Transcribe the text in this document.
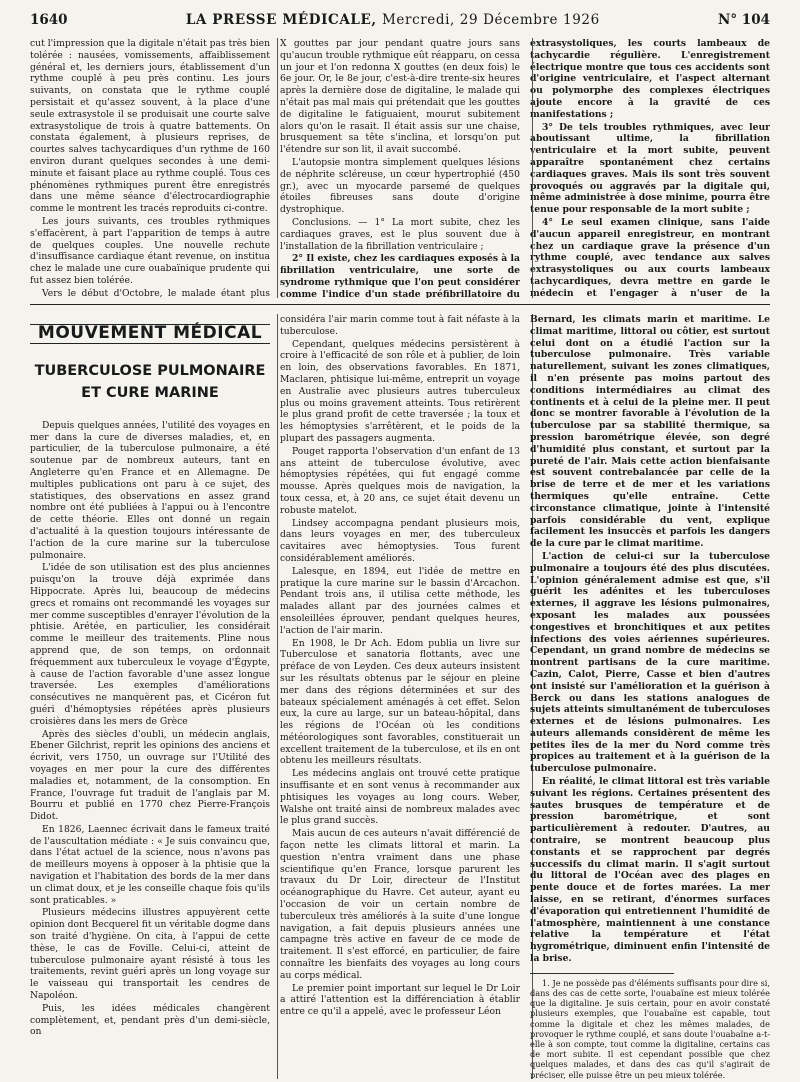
1640	LA PRESSE MÉDICALE, Mercredi, 29 Décembre 1926	N° 104

cut l'impression que la digitale n'était pas très bien tolérée : nausées, vomissements, affaiblissement général et, les derniers jours, établissement d'un rythme couplé à peu près continu. Les jours suivants, on constata que le rythme couplé persistait et qu'assez souvent, à la place d'une seule extrasystole il se produisait une courte salve extrasystolique de trois à quatre battements. On constata également, à plusieurs reprises, de courtes salves tachycardiques d'un rythme de 160 environ durant quelques secondes à une demi-minute et faisant place au rythme couplé. Tous ces phénomènes rythmiques purent être enregistrés dans une même séance d'électrocardiographie comme le montrent les tracés reproduits ci-contre.

Les jours suivants, ces troubles rythmiques s'effacèrent, à part l'apparition de temps à autre de quelques couples. Une nouvelle rechute d'insuffisance cardiaque étant revenue, on institua chez le malade une cure ouabaïnique prudente qui fut assez bien tolérée.

Vers le début d'Octobre, le malade étant plus

X gouttes par jour pendant quatre jours sans qu'aucun trouble rythmique eût réapparu, on cessa un jour et l'on redonna X gouttes (en deux fois) le 6e jour. Or, le 8e jour, c'est-à-dire trente-six heures après la dernière dose de digitaline, le malade qui n'était pas mal mais qui prétendait que les gouttes de digitaline le fatiguaient, mourut subitement alors qu'on le rasait. Il était assis sur une chaise, brusquement sa tête s'inclina, et lorsqu'on put l'étendre sur son lit, il avait succombé.

L'autopsie montra simplement quelques lésions de néphrite scléreuse, un cœur hypertrophié (450 gr.), avec un myocarde parsemé de quelques étoiles fibreuses sans doute d'origine dystrophique.

Conclusions. — 1° La mort subite, chez les cardiaques graves, est le plus souvent due à l'installation de la fibrillation ventriculaire ;

2° Il existe, chez les cardiaques exposés à la fibrillation ventriculaire, une sorte de syndrome rythmique que l'on peut considérer comme l'indice d'un stade préfibrillatoire du

extrasystoliques, les courts lambeaux de tachycardie régulière. L'enregistrement électrique montre que tous ces accidents sont d'origine ventriculaire, et l'aspect alternant ou polymorphe des complexes électriques ajoute encore à la gravité de ces manifestations ;

3° De tels troubles rythmiques, avec leur aboutissant ultime, la fibrillation ventriculaire et la mort subite, peuvent apparaître spontanément chez certains cardiaques graves. Mais ils sont très souvent provoqués ou aggravés par la digitale qui, même administrée à dose minime, pourra être tenue pour responsable de la mort subite ;

4° Le seul examen clinique, sans l'aide d'aucun appareil enregistreur, en montrant chez un cardiaque grave la présence d'un rythme couplé, avec tendance aux salves extrasystoliques ou aux courts lambeaux tachycardiques, devra mettre en garde le médecin et l'engager à n'user de la

MOUVEMENT MÉDICAL
TUBERCULOSE PULMONAIRE ET CURE MARINE

Depuis quelques années, l'utilité des voyages en mer dans la cure de diverses maladies, et, en particulier, de la tuberculose pulmonaire, a été soutenue par de nombreux auteurs, tant en Angleterre qu'en France et en Allemagne. De multiples publications ont paru à ce sujet, des statistiques, des observations en assez grand nombre ont été publiées à l'appui ou à l'encontre de cette théorie. Elles ont donné un regain d'actualité à la question toujours intéressante de l'action de la cure marine sur la tuberculose pulmonaire.

L'idée de son utilisation est des plus anciennes puisqu'on la trouve déjà exprimée dans Hippocrate. Après lui, beaucoup de médecins grecs et romains ont recommandé les voyages sur mer comme susceptibles d'enrayer l'évolution de la phtisie. Arétée, en particulier, les considérait comme le meilleur des traitements. Pline nous apprend que, de son temps, on ordonnait fréquemment aux tuberculeux le voyage d'Égypte, à cause de l'action favorable d'une assez longue traversée. Les exemples d'améliorations consécutives ne manquèrent pas, et Cicéron fut guéri d'hémoptysies répétées après plusieurs croisières dans les mers de Grèce

Après des siècles d'oubli, un médecin anglais, Ebener Gilchrist, reprit les opinions des anciens et écrivit, vers 1750, un ouvrage sur l'Utilité des voyages en mer pour la cure des différentes maladies et, notamment, de la consomption. En France, l'ouvrage fut traduit de l'anglais par M. Bourru et publié en 1770 chez Pierre-François Didot.

En 1826, Laennec écrivait dans le fameux traité de l'auscultation médiate : « Je suis convaincu que, dans l'état actuel de la science, nous n'avons pas de meilleurs moyens à opposer à la phtisie que la navigation et l'habitation des bords de la mer dans un climat doux, et je les conseille chaque fois qu'ils sont praticables. »

Plusieurs médecins illustres appuyèrent cette opinion dont Becquerel fit un véritable dogme dans son traité d'hygiène. On cita, à l'appui de cette thèse, le cas de Foville. Celui-ci, atteint de tuberculose pulmonaire ayant résisté à tous les traitements, revint guéri après un long voyage sur le vaisseau qui transportait les cendres de Napoléon.

Puis, les idées médicales changèrent complètement, et, pendant près d'un demi-siècle, on

considéra l'air marin comme tout à fait néfaste à la tuberculose.

Cependant, quelques médecins persistèrent à croire à l'efficacité de son rôle et à publier, de loin en loin, des observations favorables. En 1871, Maclaren, phtisique lui-même, entreprit un voyage en Australie avec plusieurs autres tuberculeux plus ou moins gravement atteints. Tous retirèrent le plus grand profit de cette traversée ; la toux et les hémoptysies s'arrêtèrent, et le poids de la plupart des passagers augmenta.

Pouget rapporta l'observation d'un enfant de 13 ans atteint de tuberculose évolutive, avec hémoptysies répétées, qui fut engagé comme mousse. Après quelques mois de navigation, la toux cessa, et, à 20 ans, ce sujet était devenu un robuste matelot.

Lindsey accompagna pendant plusieurs mois, dans leurs voyages en mer, des tuberculeux cavitaires avec hémoptysies. Tous furent considérablement améliorés.

Lalesque, en 1894, eut l'idée de mettre en pratique la cure marine sur le bassin d'Arcachon. Pendant trois ans, il utilisa cette méthode, les malades allant par des journées calmes et ensoleillées éprouver, pendant quelques heures, l'action de l'air marin.

En 1908, le Dr Ach. Edom publia un livre sur Tuberculose et sanatoria flottants, avec une préface de von Leyden. Ces deux auteurs insistent sur les résultats obtenus par le séjour en pleine mer dans des régions déterminées et sur des bateaux spécialement aménagés à cet effet. Selon eux, la cure au large, sur un bateau-hôpital, dans les régions de l'Océan où les conditions météorologiques sont favorables, constituerait un excellent traitement de la tuberculose, et ils en ont obtenu les meilleurs résultats.

Les médecins anglais ont trouvé cette pratique insuffisante et en sont venus à recommander aux phtisiques les voyages au long cours. Weber, Walshe ont traité ainsi de nombreux malades avec le plus grand succès.

Mais aucun de ces auteurs n'avait différencié de façon nette les climats littoral et marin. La question n'entra vraiment dans une phase scientifique qu'en France, lorsque parurent les travaux du Dr Loir, directeur de l'Institut océanographique du Havre. Cet auteur, ayant eu l'occasion de voir un certain nombre de tuberculeux très améliorés à la suite d'une longue navigation, a fait depuis plusieurs années une campagne très active en faveur de ce mode de traitement. Il s'est efforcé, en particulier, de faire connaître les bienfaits des voyages au long cours au corps médical.

Le premier point important sur lequel le Dr Loir a attiré l'attention est la différenciation à établir entre ce qu'il a appelé, avec le professeur Léon

Bernard, les climats marin et maritime. Le climat maritime, littoral ou côtier, est surtout celui dont on a étudié l'action sur la tuberculose pulmonaire. Très variable naturellement, suivant les zones climatiques, il n'en présente pas moins partout des conditions intermédiaires au climat des continents et à celui de la pleine mer. Il peut donc se montrer favorable à l'évolution de la tuberculose par sa stabilité thermique, sa pression barométrique élevée, son degré d'humidité plus constant, et surtout par la pureté de l'air. Mais cette action bienfaisante est souvent contrebalancée par celle de la brise de terre et de mer et les variations thermiques qu'elle entraîne. Cette circonstance climatique, jointe à l'intensité parfois considérable du vent, explique facilement les insuccès et parfois les dangers de la cure par le climat maritime.

L'action de celui-ci sur la tuberculose pulmonaire a toujours été des plus discutées. L'opinion généralement admise est que, s'il guérit les adénites et les tuberculoses externes, il aggrave les lésions pulmonaires, exposant les malades aux poussées congestives et bronchitiques et aux petites infections des voies aériennes supérieures. Cependant, un grand nombre de médecins se montrent partisans de la cure maritime. Cazin, Calot, Pierre, Casse et bien d'autres ont insisté sur l'amélioration et la guérison à Berck ou dans les stations analogues de sujets atteints simultanément de tuberculoses externes et de lésions pulmonaires. Les auteurs allemands considèrent de même les petites îles de la mer du Nord comme très propices au traitement et à la guérison de la tuberculose pulmonaire.

En réalité, le climat littoral est très variable suivant les régions. Certaines présentent des sautes brusques de température et de pression barométrique, et sont particulièrement à redouter. D'autres, au contraire, se montrent beaucoup plus constants et se rapprochent par degrés successifs du climat marin. Il s'agit surtout du littoral de l'Océan avec des plages en pente douce et de fortes marées. La mer laisse, en se retirant, d'énormes surfaces d'évaporation qui entretiennent l'humidité de l'atmosphère, maintiennent à une constance relative la température et l'état hygrométrique, diminuent enfin l'intensité de la brise.

1. Je ne possède pas d'éléments suffisants pour dire si, dans des cas de cette sorte, l'ouabaïne est mieux tolérée que la digitaline. Je suis certain, pour en avoir constaté plusieurs exemples, que l'ouabaïne est capable, tout comme la digitale et chez les mêmes malades, de provoquer le rythme couplé, et sans doute l'ouabaïne a-t-elle à son compte, tout comme la digitaline, certains cas de mort subite. Il est cependant possible que chez quelques malades, et dans des cas qu'il s'agirait de préciser, elle puisse être un peu mieux tolérée.
